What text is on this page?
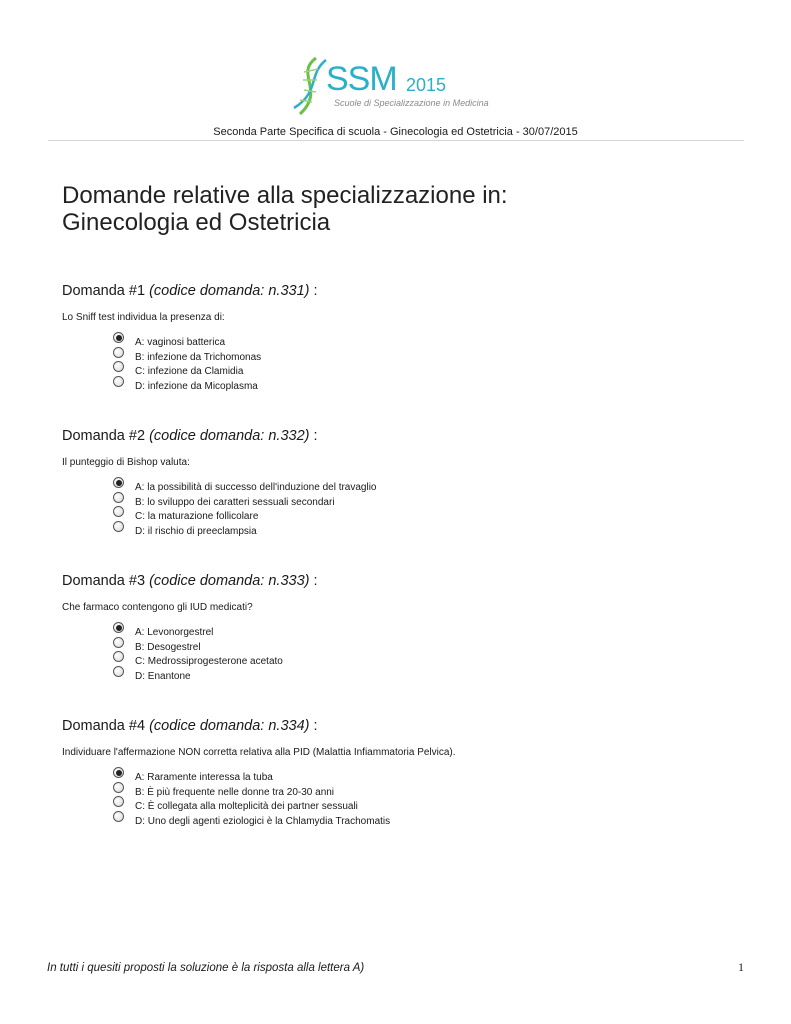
SSM 2015
Scuole di Specializzazione in Medicina
Seconda Parte Specifica di scuola - Ginecologia ed Ostetricia - 30/07/2015
Domande relative alla specializzazione in:
Ginecologia ed Ostetricia
Domanda #1 (codice domanda: n.331) :
Lo Sniff test individua la presenza di:
A: vaginosi batterica
B: infezione da Trichomonas
C: infezione da Clamidia
D: infezione da Micoplasma
Domanda #2 (codice domanda: n.332) :
Il punteggio di Bishop valuta:
A: la possibilità di successo dell'induzione del travaglio
B: lo sviluppo dei caratteri sessuali secondari
C: la maturazione follicolare
D: il rischio di preeclampsia
Domanda #3 (codice domanda: n.333) :
Che farmaco contengono gli IUD medicati?
A: Levonorgestrel
B: Desogestrel
C: Medrossiprogesterone acetato
D: Enantone
Domanda #4 (codice domanda: n.334) :
Individuare l'affermazione NON corretta relativa alla PID (Malattia Infiammatoria Pelvica).
A: Raramente interessa la tuba
B: È più frequente nelle donne tra 20-30 anni
C: È collegata alla molteplicità dei partner sessuali
D: Uno degli agenti eziologici è la Chlamydia Trachomatis
In tutti i quesiti proposti la soluzione è la risposta alla lettera A)	1
